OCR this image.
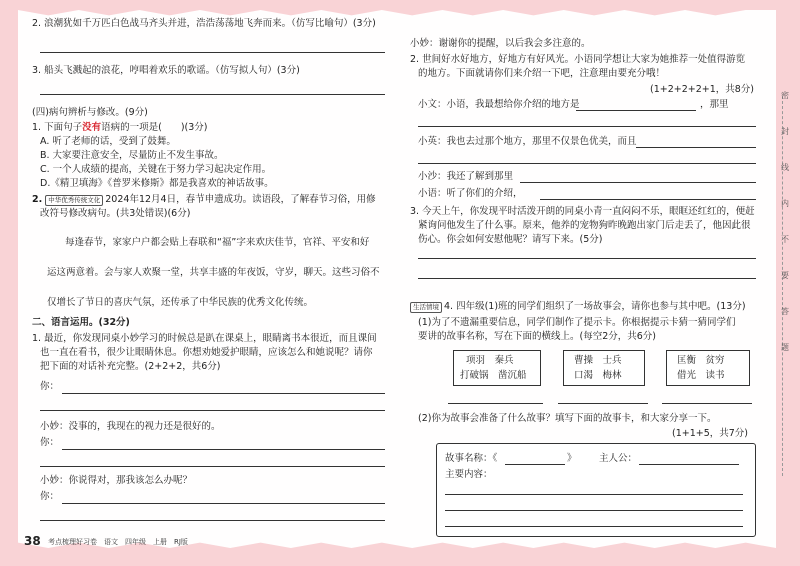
2. 浪潮犹如千万匹白色战马齐头并进，浩浩荡荡地飞奔而来。（仿写比喻句）(3分)
3. 船头飞溅起的浪花，哼唱着欢乐的歌谣。（仿写拟人句）(3分)
(四)病句辨析与修改。(9分)
1. 下面句子没有语病的一项是(　　)(3分)
A. 听了老师的话，受到了鼓舞。
B. 大家要注意安全，尽量防止不发生事故。
C. 一个人成绩的提高，关键在于努力学习起决定作用。
D.《精卫填海》《普罗米修斯》都是我喜欢的神话故事。
2. 中华优秀传统文化 2024年12月4日，春节申遗成功。读语段，了解春节习俗，用修
改符号修改病句。(共3处错误)(6分)
每逢春节，家家户户都会贴上春联和“福”字来欢庆佳节，官祥、平安和好
运这两意着。会与家人欢聚一堂，共享丰盛的年夜饭，守岁，聊天。这些习俗不
仅增长了节日的喜庆气氛，还传承了中华民族的优秀文化传统。
二、语言运用。(32分)
1. 最近，你发现同桌小妙学习的时候总是趴在课桌上，眼睛离书本很近，而且课间
也一直在看书，很少让眼睛休息。你想劝她爱护眼睛，应该怎么和她说呢？请你
把下面的对话补充完整。(2+2+2，共6分)
你：
小妙：没事的，我现在的视力还是很好的。
你：
小妙：你说得对，那我该怎么办呢？
你：
38 考点梳理好习卷　语文　四年级　上册　RJ版
小妙：谢谢你的提醒，以后我会多注意的。
2. 世间好水好地方，好地方有好风光。小语同学想让大家为她推荐一处值得游览
的地方。下面就请你们来介绍一下吧，注意理由要充分哦！
(1+2+2+2+1，共8分)
小文：小语，我最想给你介绍的地方是	，那里
小英：我也去过那个地方，那里不仅景色优美，而且
小沙：我还了解到那里
小语：听了你们的介绍，
3. 今天上午，你发现平时活泼开朗的同桌小青一直闷闷不乐，眼眶还红红的，便赶
紧询问他发生了什么事。原来，他养的宠物狗昨晚跑出家门后走丢了，他因此很
伤心。你会如何安慰他呢？请写下来。(5分)
生活情境 4. 四年级(1)班的同学们组织了一场故事会，请你也参与其中吧。(13分)
(1)为了不遗漏重要信息，同学们制作了提示卡。你根据提示卡猜一猜同学们
要讲的故事名称，写在下面的横线上。(每空2分，共6分)
项羽　秦兵
打破锅　凿沉船
曹操　士兵
口渴　梅林
匡衡　贫穷
借光　读书
(2)你为故事会准备了什么故事？填写下面的故事卡，和大家分享一下。
(1+1+5，共7分)
故事名称：《	》 主人公：
主要内容：
密
封
线
内
不
要
答
题
